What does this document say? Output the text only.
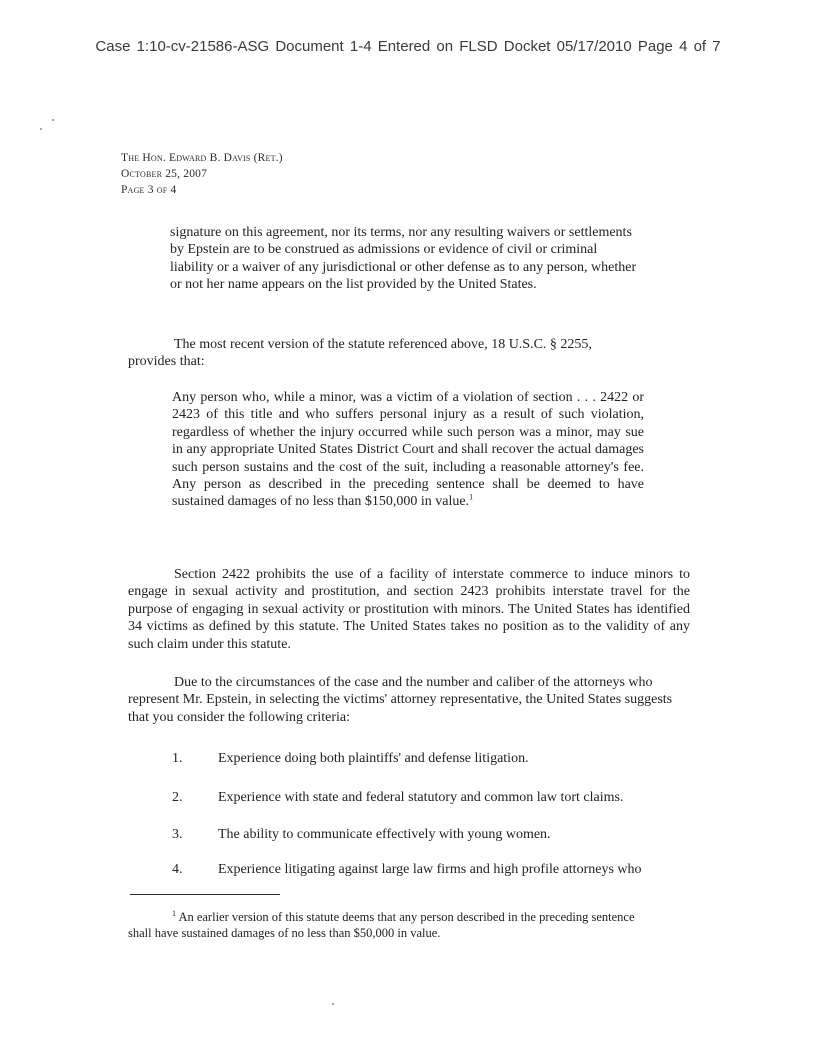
Case 1:10-cv-21586-ASG Document 1-4 Entered on FLSD Docket 05/17/2010 Page 4 of 7
The Hon. Edward B. Davis (Ret.)
October 25, 2007
Page 3 of 4

signature on this agreement, nor its terms, nor any resulting waivers or settlements by Epstein are to be construed as admissions or evidence of civil or criminal liability or a waiver of any jurisdictional or other defense as to any person, whether or not her name appears on the list provided by the United States.

The most recent version of the statute referenced above, 18 U.S.C. § 2255, provides that:

Any person who, while a minor, was a victim of a violation of section . . . 2422 or 2423 of this title and who suffers personal injury as a result of such violation, regardless of whether the injury occurred while such person was a minor, may sue in any appropriate United States District Court and shall recover the actual damages such person sustains and the cost of the suit, including a reasonable attorney's fee. Any person as described in the preceding sentence shall be deemed to have sustained damages of no less than $150,000 in value.$^1$

Section 2422 prohibits the use of a facility of interstate commerce to induce minors to engage in sexual activity and prostitution, and section 2423 prohibits interstate travel for the purpose of engaging in sexual activity or prostitution with minors. The United States has identified 34 victims as defined by this statute. The United States takes no position as to the validity of any such claim under this statute.

Due to the circumstances of the case and the number and caliber of the attorneys who represent Mr. Epstein, in selecting the victims' attorney representative, the United States suggests that you consider the following criteria:

1.	Experience doing both plaintiffs' and defense litigation.
2.	Experience with state and federal statutory and common law tort claims.
3.	The ability to communicate effectively with young women.
4.	Experience litigating against large law firms and high profile attorneys who

$^1$ An earlier version of this statute deems that any person described in the preceding sentence shall have sustained damages of no less than $50,000 in value.
